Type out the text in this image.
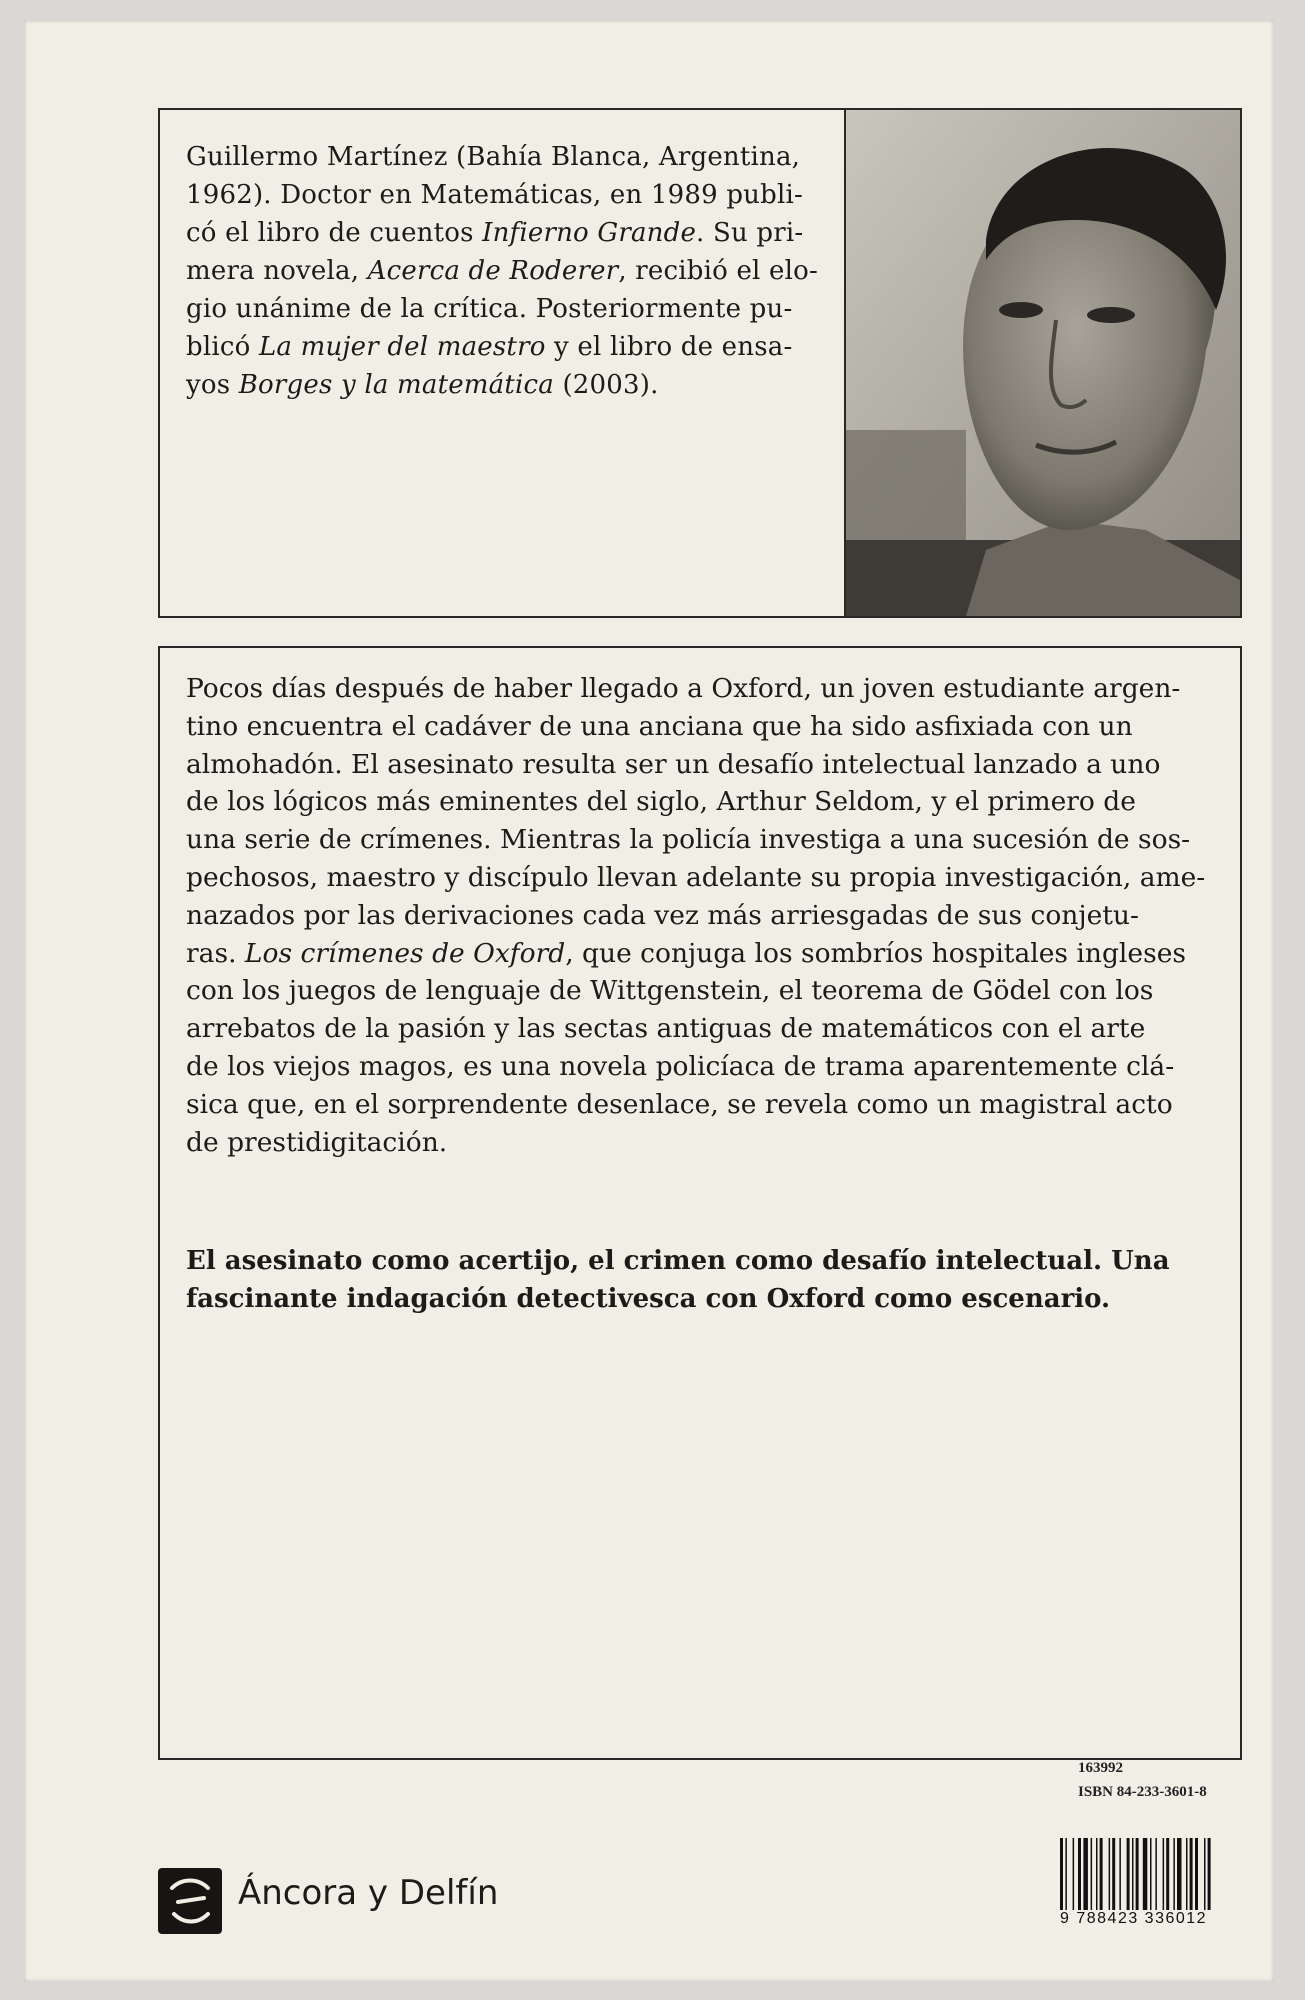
Guillermo Martínez (Bahía Blanca, Argentina,
1962). Doctor en Matemáticas, en 1989 publi-
có el libro de cuentos Infierno Grande. Su pri-
mera novela, Acerca de Roderer, recibió el elo-
gio unánime de la crítica. Posteriormente pu-
blicó La mujer del maestro y el libro de ensa-
yos Borges y la matemática (2003).

Pocos días después de haber llegado a Oxford, un joven estudiante argen-
tino encuentra el cadáver de una anciana que ha sido asfixiada con un
almohadón. El asesinato resulta ser un desafío intelectual lanzado a uno
de los lógicos más eminentes del siglo, Arthur Seldom, y el primero de
una serie de crímenes. Mientras la policía investiga a una sucesión de sos-
pechosos, maestro y discípulo llevan adelante su propia investigación, ame-
nazados por las derivaciones cada vez más arriesgadas de sus conjetu-
ras. Los crímenes de Oxford, que conjuga los sombríos hospitales ingleses
con los juegos de lenguaje de Wittgenstein, el teorema de Gödel con los
arrebatos de la pasión y las sectas antiguas de matemáticos con el arte
de los viejos magos, es una novela policíaca de trama aparentemente clá-
sica que, en el sorprendente desenlace, se revela como un magistral acto
de prestidigitación.

El asesinato como acertijo, el crimen como desafío intelectual. Una
fascinante indagación detectivesca con Oxford como escenario.

163992
ISBN 84-233-3601-8
9 788423 336012
Áncora y Delfín
